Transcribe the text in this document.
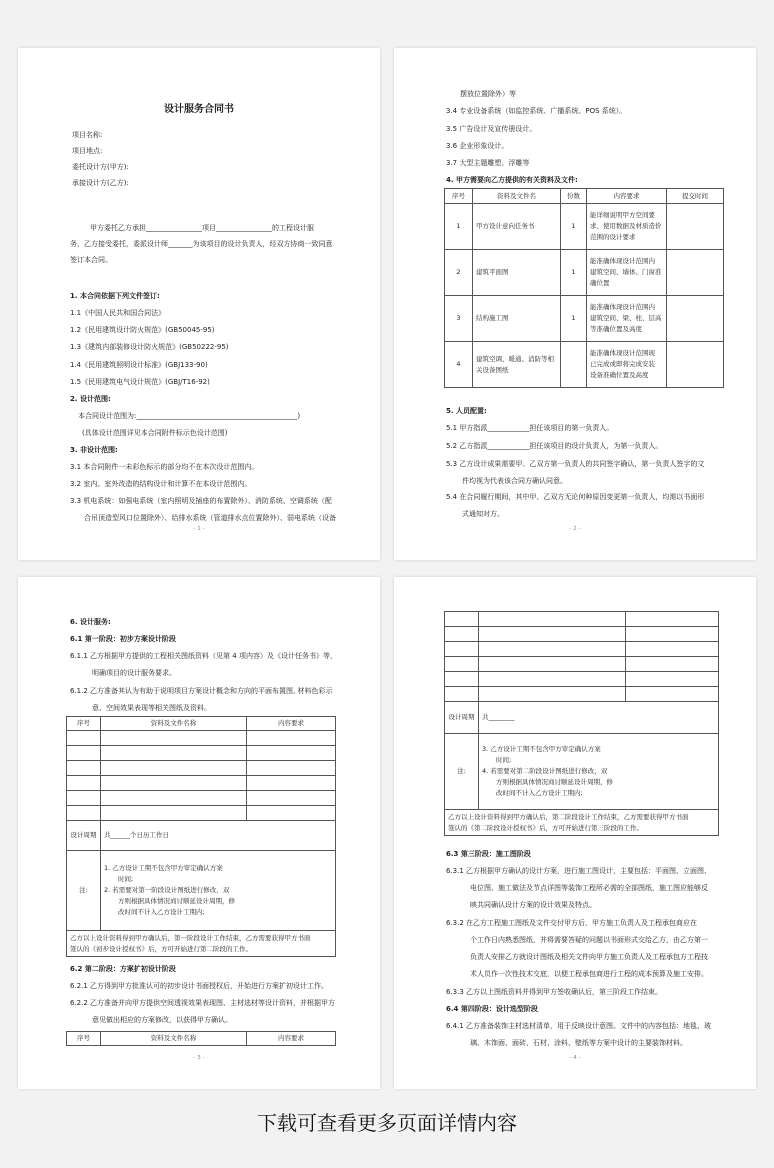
设计服务合同书
项目名称:
项目地点:
委托设计方(甲方):
承接设计方(乙方):
甲方委托乙方承担________________项目________________的工程设计服
务，乙方接受委托，委派设计师_______为该项目的设计负责人，经双方协商一致同意
签订本合同。
1. 本合同依据下列文件签订:
1.1《中国人民共和国合同法》
1.2《民用建筑设计防火规范》(GB50045-95)
1.3《建筑内部装修设计防火规范》(GB50222-95)
1.4《民用建筑照明设计标准》(GBJ133-90)
1.5《民用建筑电气设计规范》(GBJ/T16-92)
2. 设计范围:
本合同设计范围为:______________________________________________)
(具体设计范围详见本合同附件标示色设计范围)
3. 非设计范围:
3.1 本合同附件一未彩色标示的部分均不在本次设计范围内。
3.2 室内、室外改造的结构设计和计算不在本设计范围内。
3.3 机电系统：如强电系统（室内照明及插座的布置除外）、消防系统、空调系统（配
合吊顶造型风口位置除外）、给排水系统（管道排水点位置除外）、弱电系统（设备
- 1 -
摆放位置除外）等
3.4 专业设备系统（如监控系统、广播系统、POS 系统）。
3.5 广告设计及宣传册设计。
3.6 企业形象设计。
3.7 大型主题雕塑、浮雕等
4. 甲方需要向乙方提供的有关资料及文件:
序号	资料及文件名	份数	内容要求	提交时间
1	甲方设计意向任务书	1	能详细说明甲方空间要
求、使用数据及材质造价
范围的设计要求	

2	建筑平面图	1	能准确体现设计范围内
建筑空间、墙体、门窗准
确位置	

3	结构施工图	1	能准确体现设计范围内
建筑空间、梁、柱、层高
等准确位置及高度	

4	建筑空调、暖通、消防等相关设备图纸		能准确体现设计范围现
已完成或即将完成安装
设备准确位置及高度	

5. 人员配置:
5.1 甲方指派____________担任该项目的第一负责人。
5.2 乙方指派____________担任该项目的设计负责人，为第一负责人。
5.3 乙方设计成果需要甲、乙双方第一负责人的共同签字确认，第一负责人签字的文
件均视为代表该合同方确认同意。
5.4 在合同履行期间，其中甲、乙双方无论何种原因变更第一负责人，均需以书面形
式通知对方。
- 2 -
6. 设计服务:
6.1 第一阶段：初步方案设计阶段
6.1.1 乙方根据甲方提供的工程相关图纸资料（见第 4 项内容）及《设计任务书》等，
明确项目的设计服务要求。
6.1.2 乙方准备其认为有助于说明项目方案设计概念和方向的平面布置图, 材料色彩示
意、空间效果表现等相关图纸及资料。
序号	资料及文件名称	内容要求

设计周期	共______个日历工作日	
注:	1. 乙方设计工期不包含甲方审定确认方案
时间;
2. 若需要对第一阶段设计图纸进行修改，双
方则根据具体情况商讨顺延设计周期，修
改时间不计入乙方设计工期内;	

乙方以上设计资料得到甲方确认后，第一阶段设计工作结束，乙方需要获得甲方书面
签认的《初步设计授权书》后，方可开始进行第二阶段的工作。		
6.2 第二阶段：方案扩初设计阶段
6.2.1 乙方得到甲方批准认可的初步设计书面授权后，开始进行方案扩初设计工作。
6.2.2 乙方准备并向甲方提供空间透视效果表现图、主材选材等设计资料，并根据甲方
意见做出相应的方案修改，以获得甲方确认。
序号	资料及文件名称	内容要求
- 3 -

设计周期	共________	
注:	3. 乙方设计工期不包含甲方审定确认方案
时间;
4. 若需要对第二阶段设计图纸进行修改，双
方则根据具体情况商讨顺延设计周期，修
改时间不计入乙方设计工期内;	

乙方以上设计资料得到甲方确认后，第二阶段设计工作结束，乙方需要获得甲方书面
签认的《第二阶段设计授权书》后，方可开始进行第三阶段的工作。		
6.3 第三阶段：施工图阶段
6.3.1 乙方根据甲方确认的设计方案，进行施工图设计，主要包括：平面图、立面图、
电位图、施工做法及节点详图等装饰工程所必需的全部图纸，施工图应能够反
映共同确认设计方案的设计效果及特点。
6.3.2 在乙方工程施工图纸及文件交付甲方后，甲方施工负责人及工程承包商应在
个工作日内熟悉图纸，并将需要答疑的问题以书面形式交给乙方，由乙方第一
负责人安排乙方就设计图纸及相关文件向甲方施工负责人及工程承包方工程技
术人员作一次性技术交底，以便工程承包商进行工程的成本预算及施工安排。
6.3.3 乙方以上图纸资料并得到甲方签收确认后，第三阶段工作结束。
6.4 第四阶段：设计选型阶段
6.4.1 乙方准备装饰主材选材清单，用于反映设计意图。文件中的内容包括：地毯、玻
璃、木饰面、面砖、石材、涂料、壁纸等方案中设计的主要装饰材料。
- 4 -
下载可查看更多页面详情内容
